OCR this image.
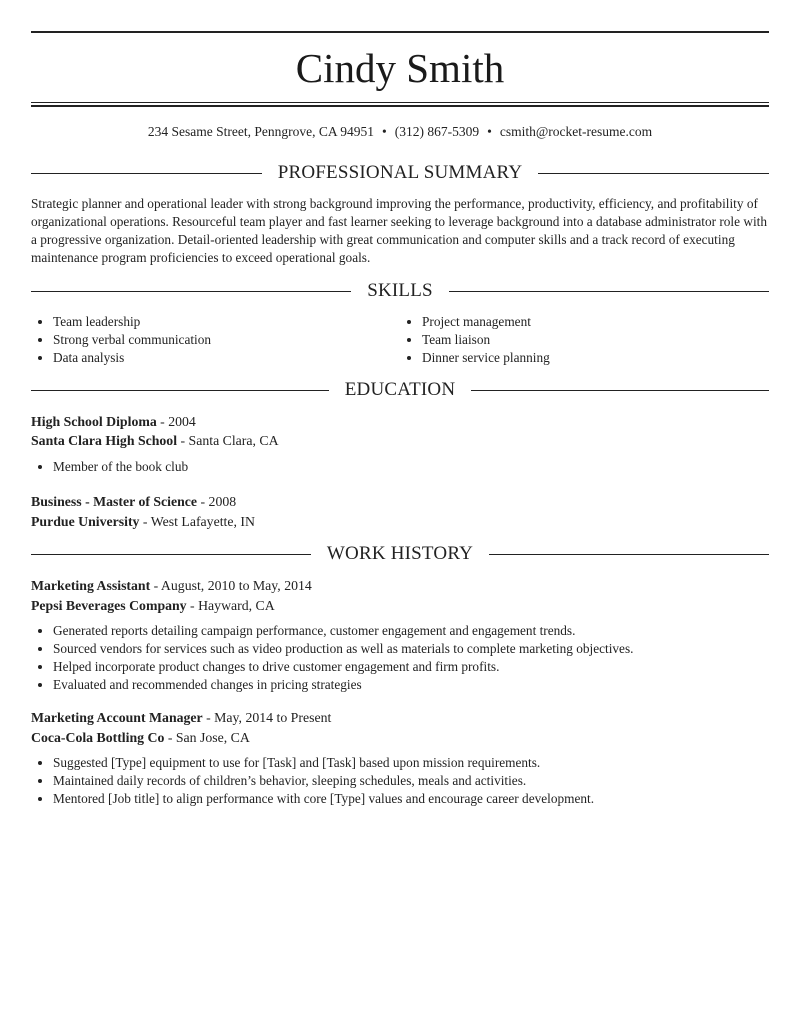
Cindy Smith
234 Sesame Street, Penngrove, CA 94951 • (312) 867-5309 • csmith@rocket-resume.com
PROFESSIONAL SUMMARY
Strategic planner and operational leader with strong background improving the performance, productivity, efficiency, and profitability of organizational operations. Resourceful team player and fast learner seeking to leverage background into a database administrator role with a progressive organization. Detail-oriented leadership with great communication and computer skills and a track record of executing maintenance program proficiencies to exceed operational goals.
SKILLS
• Team leadership
• Strong verbal communication
• Data analysis
• Project management
• Team liaison
• Dinner service planning
EDUCATION
High School Diploma - 2004
Santa Clara High School - Santa Clara, CA
• Member of the book club
Business - Master of Science - 2008
Purdue University - West Lafayette, IN
WORK HISTORY
Marketing Assistant - August, 2010 to May, 2014
Pepsi Beverages Company - Hayward, CA
• Generated reports detailing campaign performance, customer engagement and engagement trends.
• Sourced vendors for services such as video production as well as materials to complete marketing objectives.
• Helped incorporate product changes to drive customer engagement and firm profits.
• Evaluated and recommended changes in pricing strategies
Marketing Account Manager - May, 2014 to Present
Coca-Cola Bottling Co - San Jose, CA
• Suggested [Type] equipment to use for [Task] and [Task] based upon mission requirements.
• Maintained daily records of children’s behavior, sleeping schedules, meals and activities.
• Mentored [Job title] to align performance with core [Type] values and encourage career development.
